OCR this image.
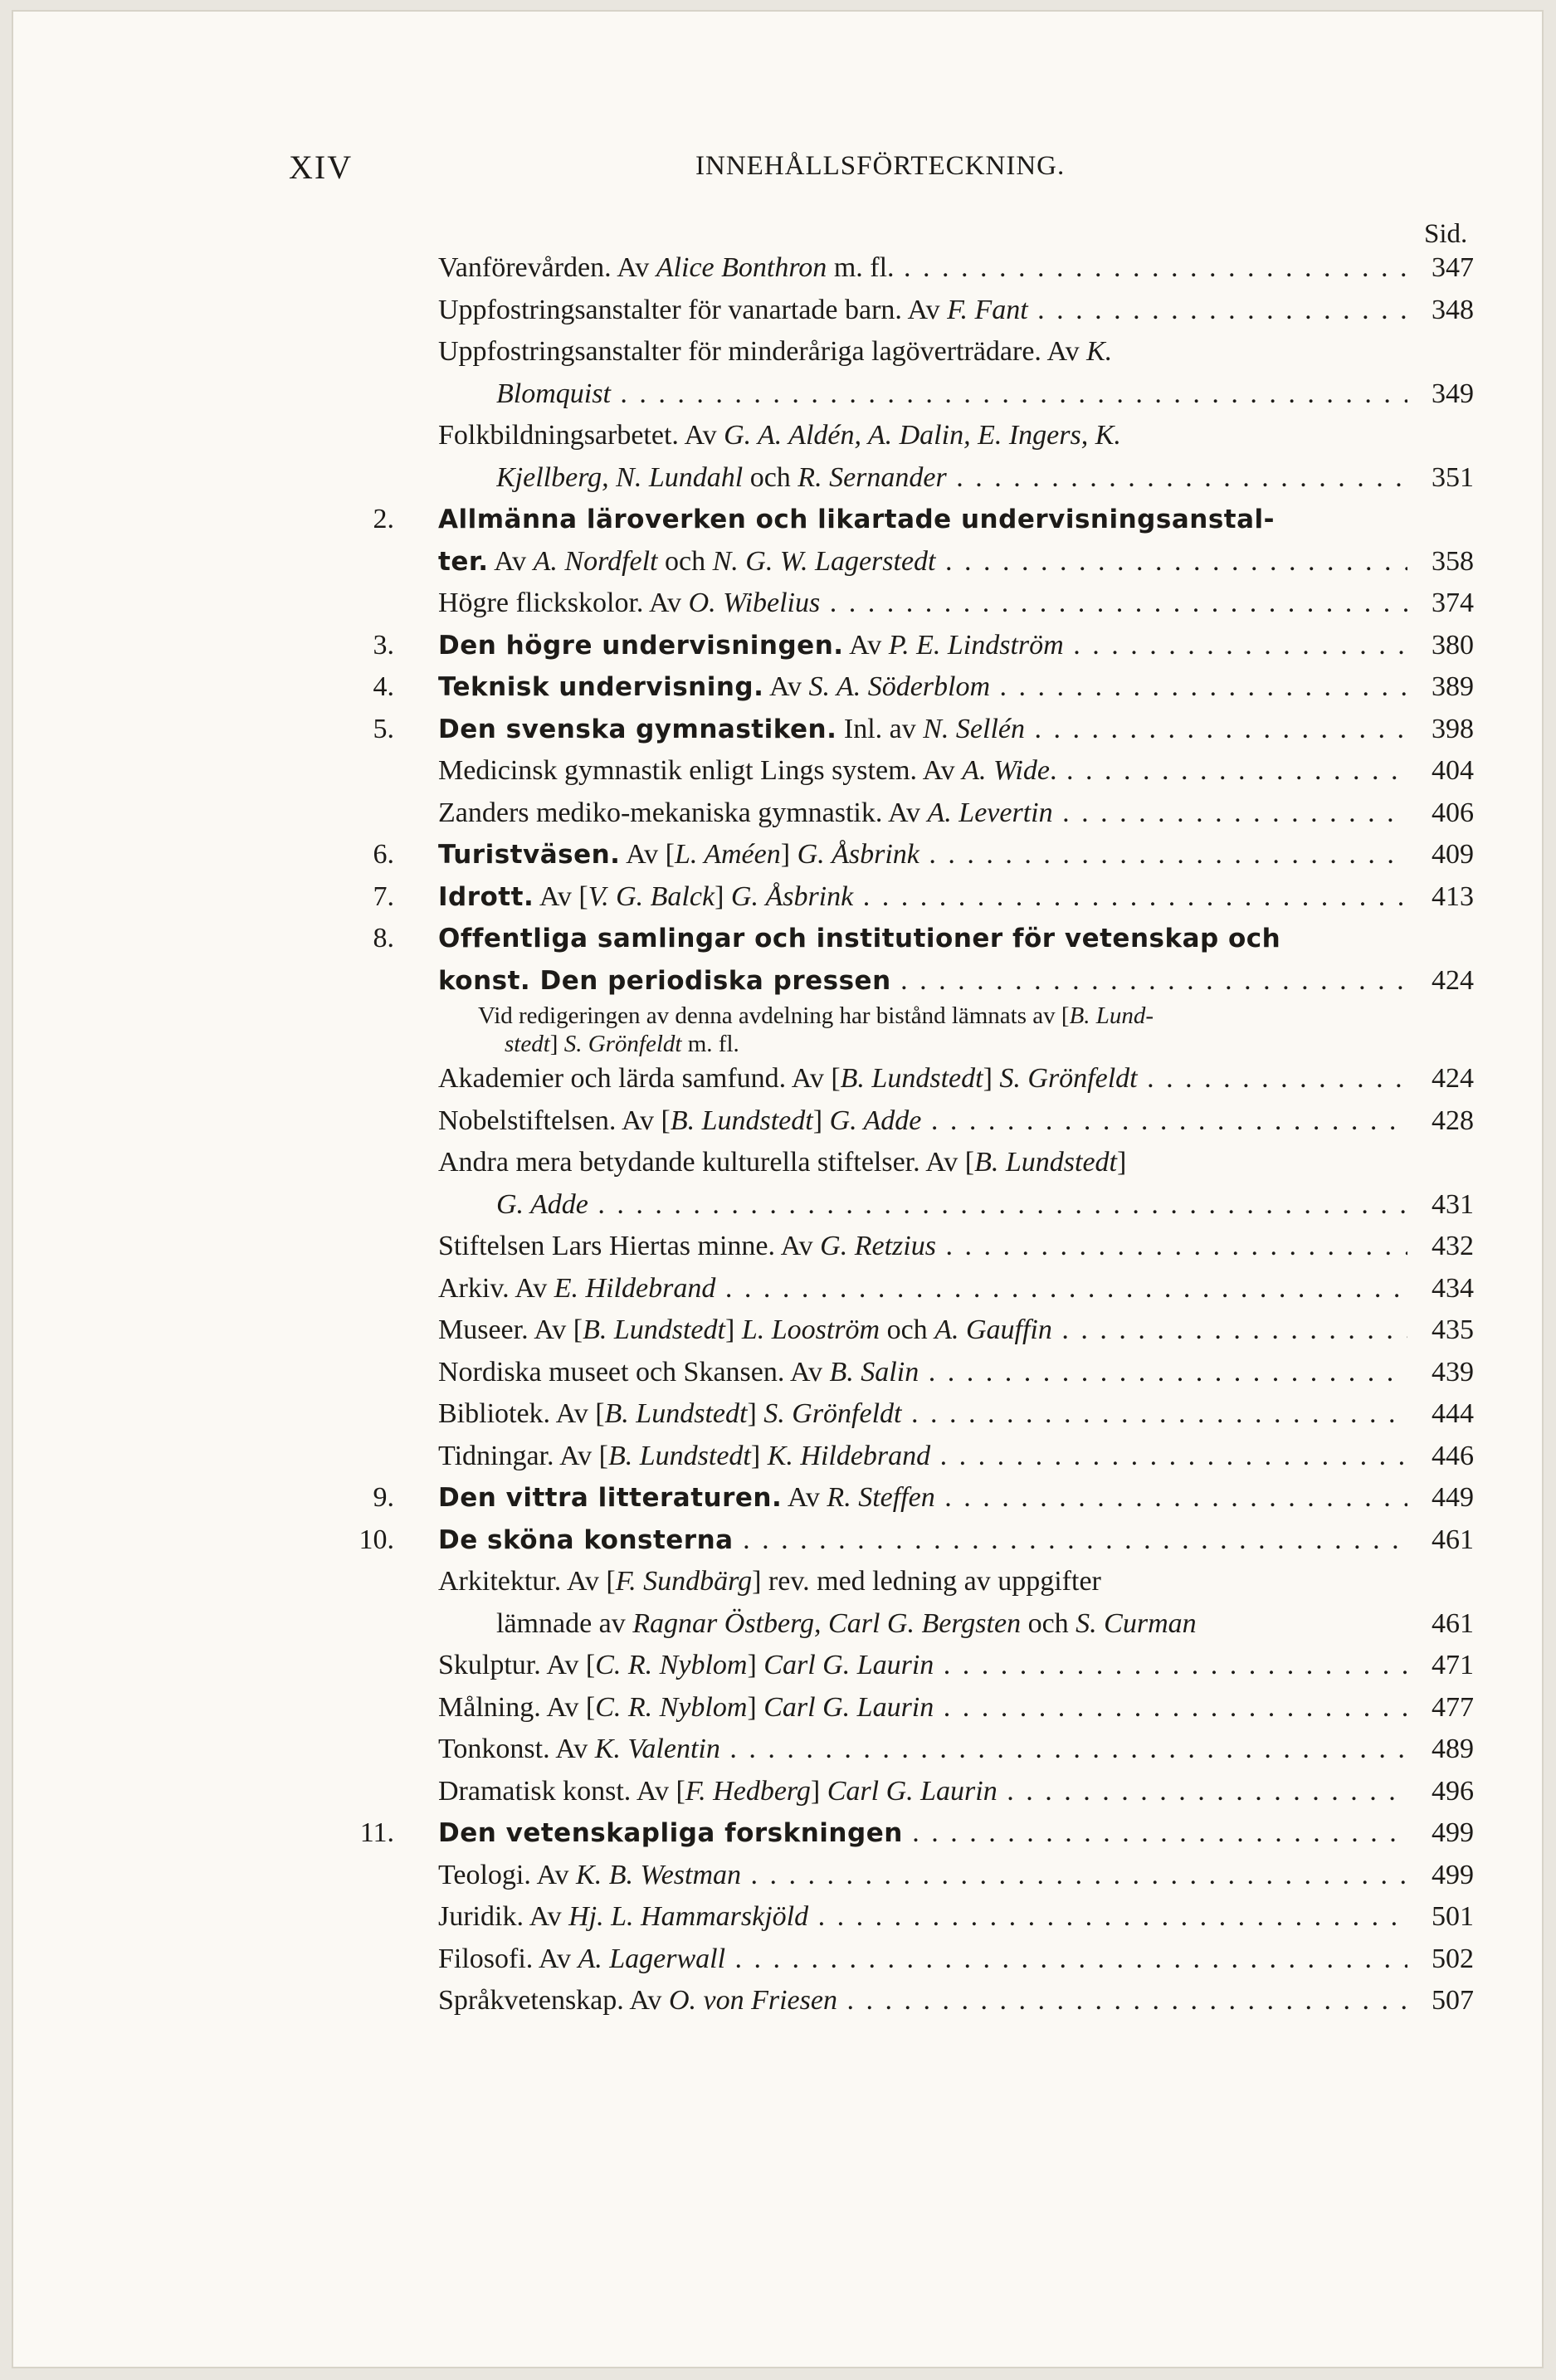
XIV	INNEHÅLLSFÖRTECKNING.
Sid.
Vanförevården. Av Alice Bonthron m. fl. . . .	347
Uppfostringsanstalter för vanartade barn. Av F. Fant . . .	348
Uppfostringsanstalter för minderåriga lagöverträdare. Av K.
Blomquist . . .	349
Folkbildningsarbetet. Av G. A. Aldén, A. Dalin, E. Ingers, K.
Kjellberg, N. Lundahl och R. Sernander . . .	351
2. Allmänna läroverken och likartade undervisningsanstal-
ter. Av A. Nordfelt och N. G. W. Lagerstedt . . .	358
Högre flickskolor. Av O. Wibelius . . .	374
3. Den högre undervisningen. Av P. E. Lindström . . .	380
4. Teknisk undervisning. Av S. A. Söderblom . . .	389
5. Den svenska gymnastiken. Inl. av N. Sellén . . .	398
Medicinsk gymnastik enligt Lings system. Av A. Wide. . . .	404
Zanders mediko-mekaniska gymnastik. Av A. Levertin . . .	406
6. Turistväsen. Av [L. Améen] G. Åsbrink . . .	409
7. Idrott. Av [V. G. Balck] G. Åsbrink . . .	413
8. Offentliga samlingar och institutioner för vetenskap och
konst. Den periodiska pressen . . .	424
Vid redigeringen av denna avdelning har bistånd lämnats av [B. Lund-
stedt] S. Grönfeldt m. fl.
Akademier och lärda samfund. Av [B. Lundstedt] S. Grönfeldt . . .	424
Nobelstiftelsen. Av [B. Lundstedt] G. Adde . . .	428
Andra mera betydande kulturella stiftelser. Av [B. Lundstedt]
G. Adde . . .	431
Stiftelsen Lars Hiertas minne. Av G. Retzius . . .	432
Arkiv. Av E. Hildebrand . . .	434
Museer. Av [B. Lundstedt] L. Looström och A. Gauffin . . .	435
Nordiska museet och Skansen. Av B. Salin . . .	439
Bibliotek. Av [B. Lundstedt] S. Grönfeldt . . .	444
Tidningar. Av [B. Lundstedt] K. Hildebrand . . .	446
9. Den vittra litteraturen. Av R. Steffen . . .	449
10. De sköna konsterna . . .	461
Arkitektur. Av [F. Sundbärg] rev. med ledning av uppgifter
lämnade av Ragnar Östberg, Carl G. Bergsten och S. Curman	461
Skulptur. Av [C. R. Nyblom] Carl G. Laurin . . .	471
Målning. Av [C. R. Nyblom] Carl G. Laurin . . .	477
Tonkonst. Av K. Valentin . . .	489
Dramatisk konst. Av [F. Hedberg] Carl G. Laurin . . .	496
11. Den vetenskapliga forskningen . . .	499
Teologi. Av K. B. Westman . . .	499
Juridik. Av Hj. L. Hammarskjöld . . .	501
Filosofi. Av A. Lagerwall . . .	502
Språkvetenskap. Av O. von Friesen . . .	507
